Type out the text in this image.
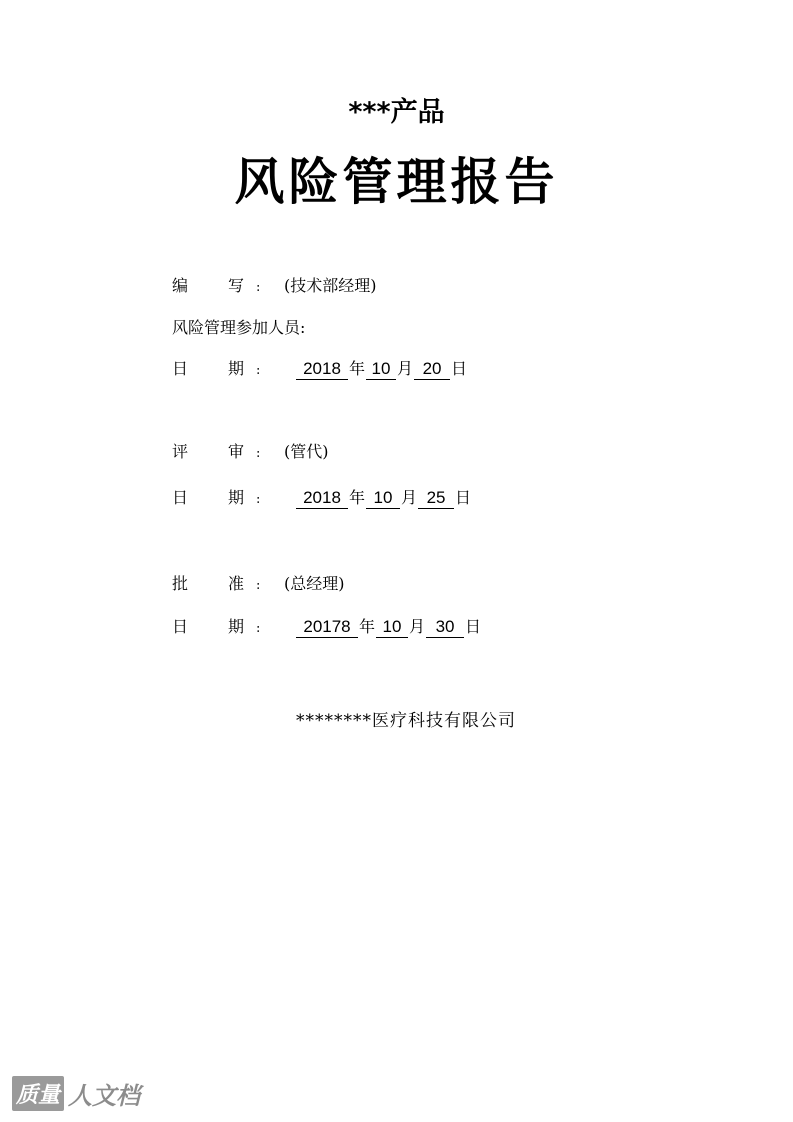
***产品
风险管理报告
编 写 : (技术部经理)
风险管理参加人员:
日 期 :	2018 年 10 月 20 日
评 审 : (管代)
日 期 :	2018 年 10 月 25 日
批 准 : (总经理)
日 期 :	20178 年 10 月 30 日
********医疗科技有限公司
质量 人文档
